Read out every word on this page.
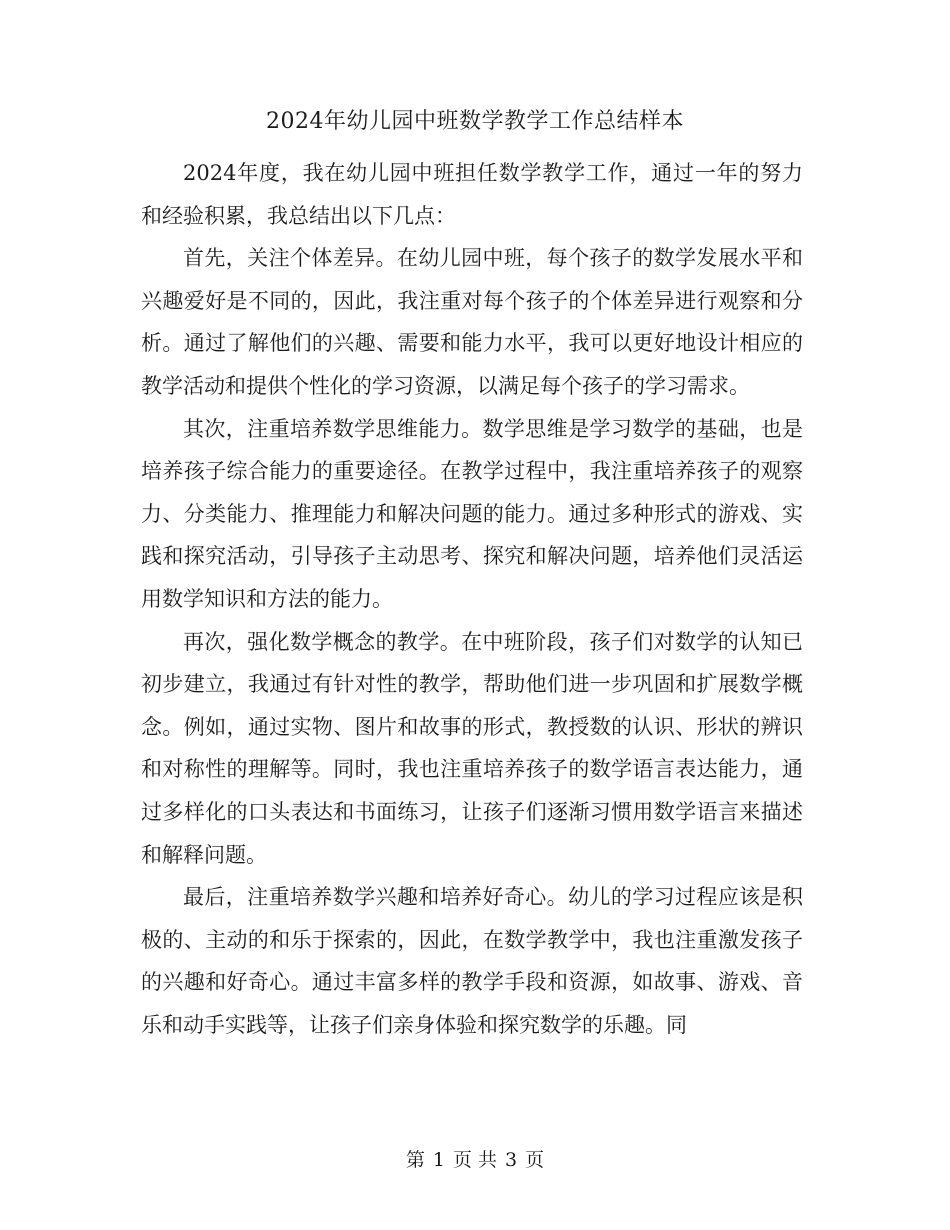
2024年幼儿园中班数学教学工作总结样本

2024年度，我在幼儿园中班担任数学教学工作，通过一年的努力和经验积累，我总结出以下几点：

首先，关注个体差异。在幼儿园中班，每个孩子的数学发展水平和兴趣爱好是不同的，因此，我注重对每个孩子的个体差异进行观察和分析。通过了解他们的兴趣、需要和能力水平，我可以更好地设计相应的教学活动和提供个性化的学习资源，以满足每个孩子的学习需求。

其次，注重培养数学思维能力。数学思维是学习数学的基础，也是培养孩子综合能力的重要途径。在教学过程中，我注重培养孩子的观察力、分类能力、推理能力和解决问题的能力。通过多种形式的游戏、实践和探究活动，引导孩子主动思考、探究和解决问题，培养他们灵活运用数学知识和方法的能力。

再次，强化数学概念的教学。在中班阶段，孩子们对数学的认知已初步建立，我通过有针对性的教学，帮助他们进一步巩固和扩展数学概念。例如，通过实物、图片和故事的形式，教授数的认识、形状的辨识和对称性的理解等。同时，我也注重培养孩子的数学语言表达能力，通过多样化的口头表达和书面练习，让孩子们逐渐习惯用数学语言来描述和解释问题。

最后，注重培养数学兴趣和培养好奇心。幼儿的学习过程应该是积极的、主动的和乐于探索的，因此，在数学教学中，我也注重激发孩子的兴趣和好奇心。通过丰富多样的教学手段和资源，如故事、游戏、音乐和动手实践等，让孩子们亲身体验和探究数学的乐趣。同

第 1 页 共 3 页
